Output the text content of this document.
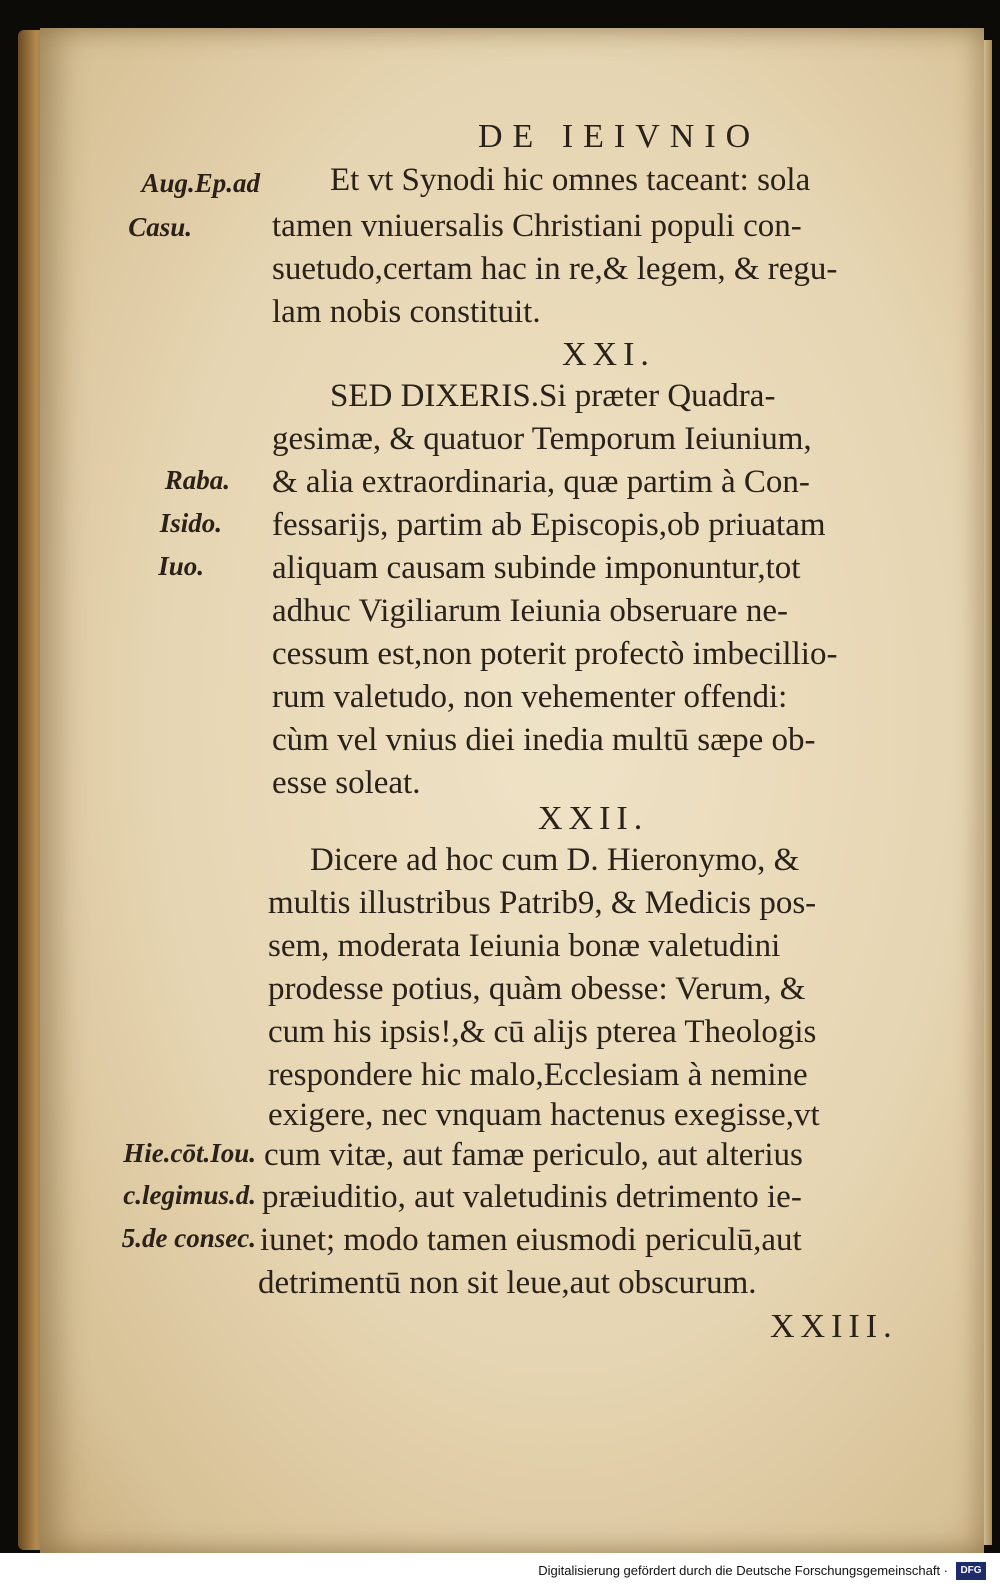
DE IEIVNIO
Aug.Ep.ad
Casu.
Raba.
Isido.
Iuo.
Hie.cōt.Iou.
c.legimus.d.
5.de consec.
Et vt Synodi hic omnes taceant: sola
tamen vniuersalis Christiani populi con-
suetudo,certam hac in re,& legem, & regu-
lam nobis constituit.
XXI.
SED DIXERIS.Si præter Quadra-
gesimæ, & quatuor Temporum Ieiunium,
& alia extraordinaria, quæ partim à Con-
fessarijs, partim ab Episcopis,ob priuatam
aliquam causam subinde imponuntur,tot
adhuc Vigiliarum Ieiunia obseruare ne-
cessum est,non poterit profectò imbecillio-
rum valetudo, non vehementer offendi:
cùm vel vnius diei inedia multū sæpe ob-
esse soleat.
XXII.
Dicere ad hoc cum D. Hieronymo, &
multis illustribus Patrib9, & Medicis pos-
sem, moderata Ieiunia bonæ valetudini
prodesse potius, quàm obesse: Verum, &
cum his ipsis!,& cū alijs pterea Theologis
respondere hic malo,Ecclesiam à nemine
exigere, nec vnquam hactenus exegisse,vt
cum vitæ, aut famæ periculo, aut alterius
præiuditio, aut valetudinis detrimento ie-
iunet; modo tamen eiusmodi periculū,aut
detrimentū non sit leue,aut obscurum.
XXIII.
Digitalisierung gefördert durch die Deutsche Forschungsgemeinschaft ·	DFG
